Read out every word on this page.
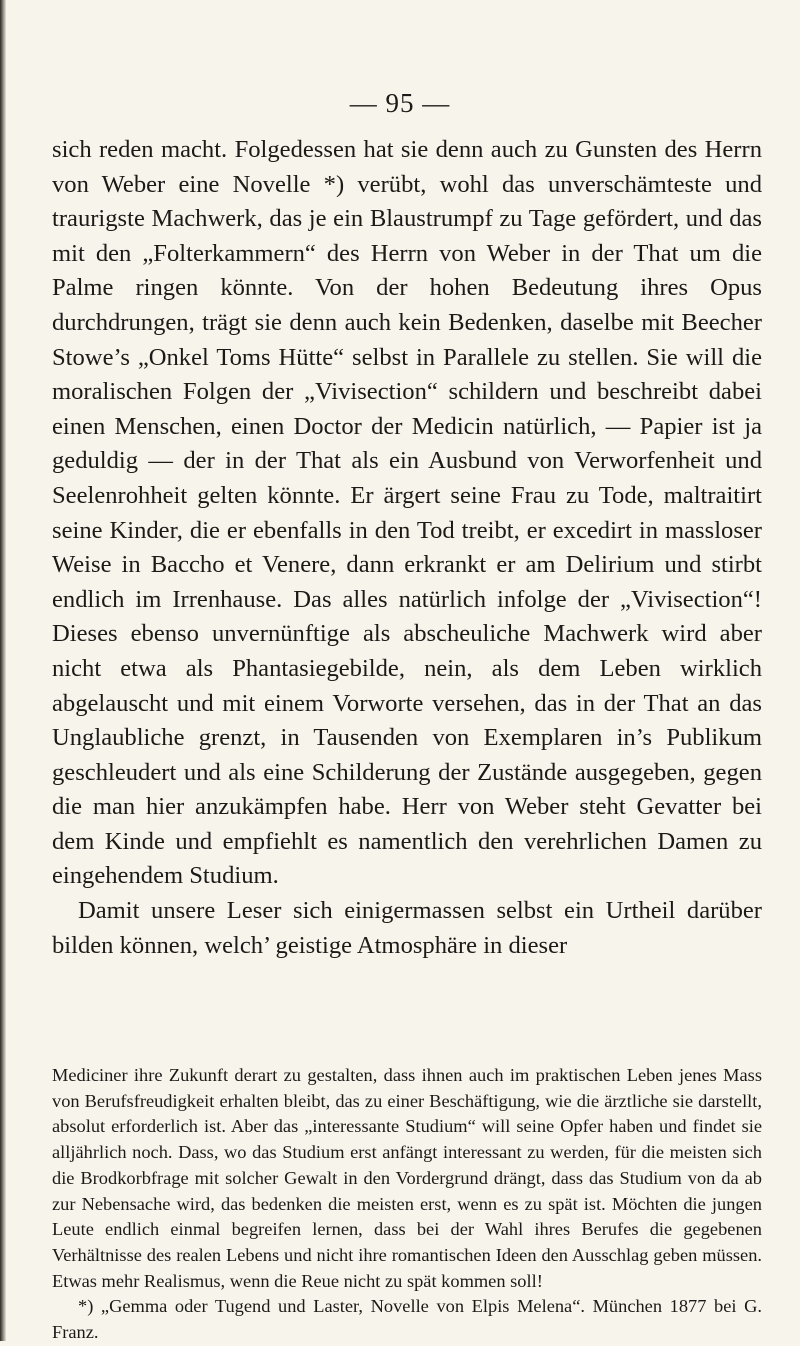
— 95 —

sich reden macht. Folgedessen hat sie denn auch zu Gunsten des Herrn von Weber eine Novelle *) verübt, wohl das unverschämteste und traurigste Machwerk, das je ein Blaustrumpf zu Tage gefördert, und das mit den „Folterkammern“ des Herrn von Weber in der That um die Palme ringen könnte. Von der hohen Bedeutung ihres Opus durchdrungen, trägt sie denn auch kein Bedenken, daselbe mit Beecher Stowe’s „Onkel Toms Hütte“ selbst in Parallele zu stellen. Sie will die moralischen Folgen der „Vivisection“ schildern und beschreibt dabei einen Menschen, einen Doctor der Medicin natürlich, — Papier ist ja geduldig — der in der That als ein Ausbund von Verworfenheit und Seelenrohheit gelten könnte. Er ärgert seine Frau zu Tode, maltraitirt seine Kinder, die er ebenfalls in den Tod treibt, er excedirt in massloser Weise in Baccho et Venere, dann erkrankt er am Delirium und stirbt endlich im Irrenhause. Das alles natürlich infolge der „Vivisection“! Dieses ebenso unvernünftige als abscheuliche Machwerk wird aber nicht etwa als Phantasiegebilde, nein, als dem Leben wirklich abgelauscht und mit einem Vorworte versehen, das in der That an das Unglaubliche grenzt, in Tausenden von Exemplaren in’s Publikum geschleudert und als eine Schilderung der Zustände ausgegeben, gegen die man hier anzukämpfen habe. Herr von Weber steht Gevatter bei dem Kinde und empfiehlt es namentlich den verehrlichen Damen zu eingehendem Studium.

Damit unsere Leser sich einigermassen selbst ein Urtheil darüber bilden können, welch’ geistige Atmosphäre in dieser

Mediciner ihre Zukunft derart zu gestalten, dass ihnen auch im praktischen Leben jenes Mass von Berufsfreudigkeit erhalten bleibt, das zu einer Beschäftigung, wie die ärztliche sie darstellt, absolut erforderlich ist. Aber das „interessante Studium“ will seine Opfer haben und findet sie alljährlich noch. Dass, wo das Studium erst anfängt interessant zu werden, für die meisten sich die Brodkorbfrage mit solcher Gewalt in den Vordergrund drängt, dass das Studium von da ab zur Nebensache wird, das bedenken die meisten erst, wenn es zu spät ist. Möchten die jungen Leute endlich einmal begreifen lernen, dass bei der Wahl ihres Berufes die gegebenen Verhältnisse des realen Lebens und nicht ihre romantischen Ideen den Ausschlag geben müssen. Etwas mehr Realismus, wenn die Reue nicht zu spät kommen soll!

*) „Gemma oder Tugend und Laster, Novelle von Elpis Melena“. München 1877 bei G. Franz.
